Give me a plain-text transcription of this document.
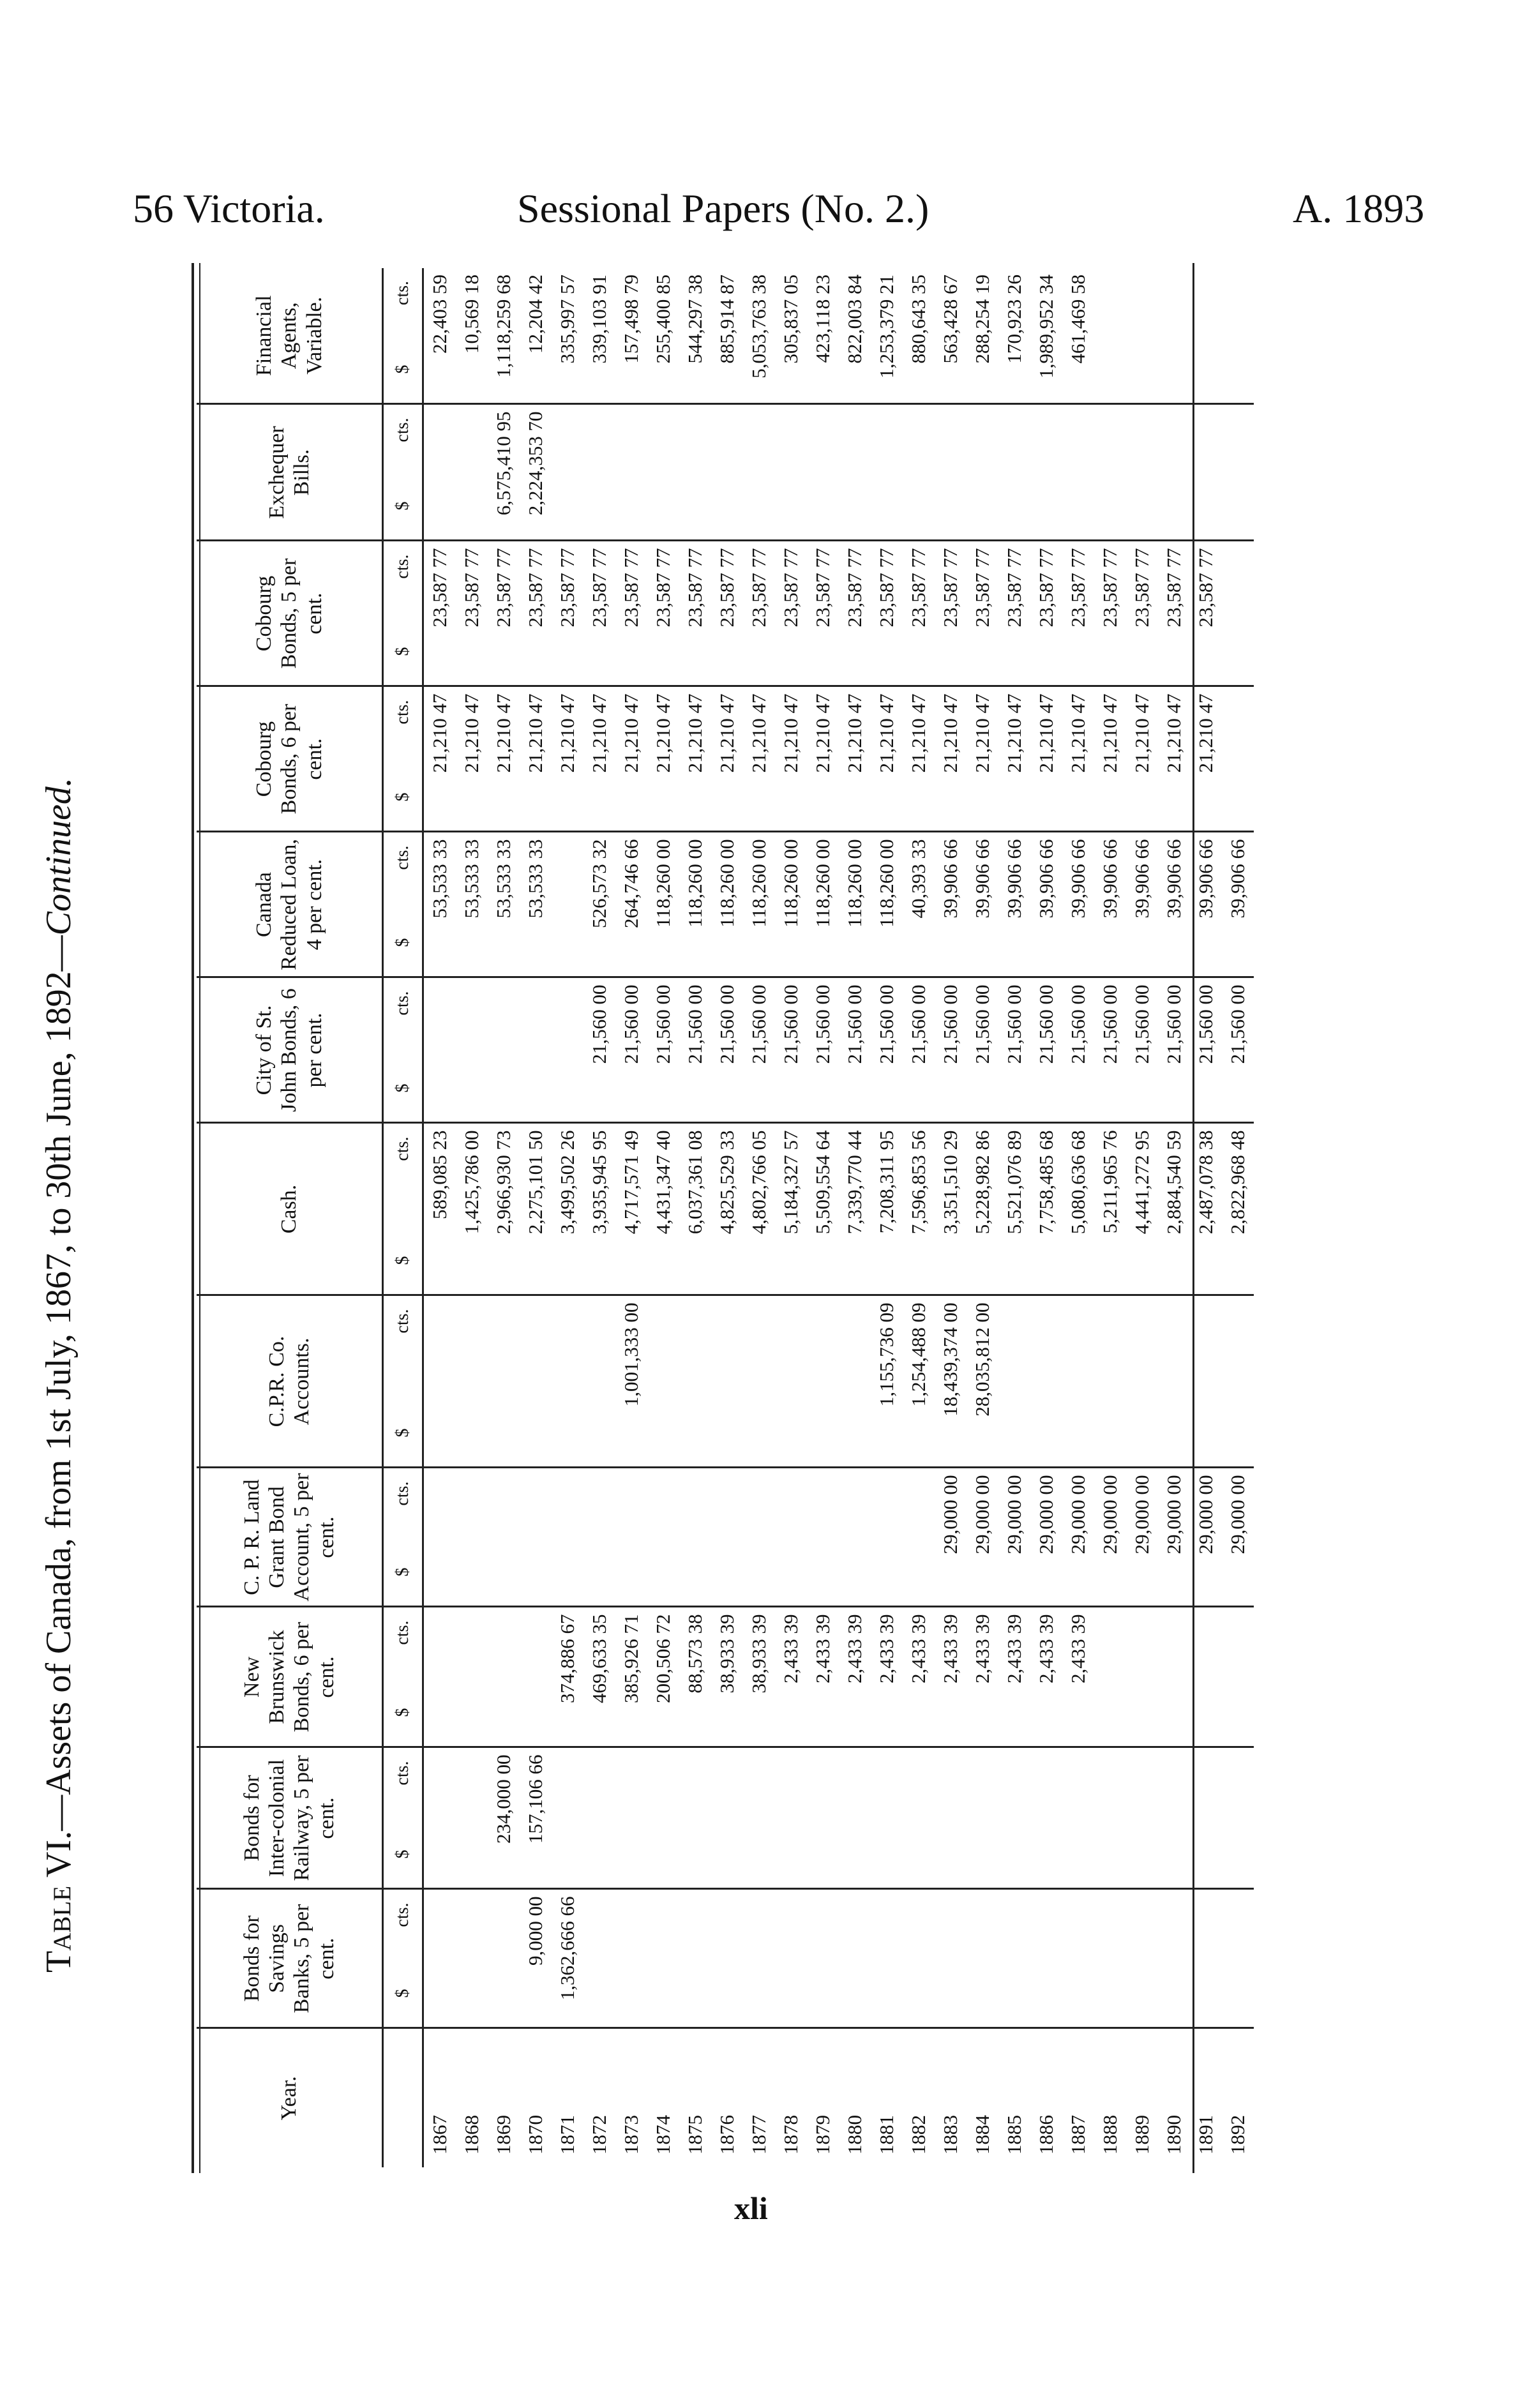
56 Victoria.	Sessional Papers (No. 2.)	A. 1893
Table VI.—Assets of Canada, from 1st July, 1867, to 30th June, 1892—Continued.
Year.	Bonds for Savings Banks, 5 per cent.	Bonds for Inter-colonial Railway, 5 per cent.	New Brunswick Bonds, 6 per cent.	C. P. R. Land Grant Bond Account, 5 per cent.	C.P.R. Co. Accounts.	Cash.	City of St. John Bonds, 6 per cent.	Canada Reduced Loan, 4 per cent.	Cobourg Bonds, 6 per cent.	Cobourg Bonds, 5 per cent.	Exchequer Bills.	Financial Agents, Variable.

	$
cts.	$
cts.	$
cts.	$
cts.	$
cts.	$
cts.	$
cts.	$
cts.	$
cts.	$
cts.	$
cts.	$
cts.

1867						589,085 23		53,533 33	21,210 47	23,587 77		22,403 59
1868						1,425,786 00		53,533 33	21,210 47	23,587 77		10,569 18
1869		234,000 00				2,966,930 73		53,533 33	21,210 47	23,587 77	6,575,410 95	1,118,259 68
1870	9,000 00	157,106 66				2,275,101 50		53,533 33	21,210 47	23,587 77	2,224,353 70	12,204 42
1871	1,362,666 66		374,886 67			3,499,502 26			21,210 47	23,587 77		335,997 57
1872			469,633 35			3,935,945 95	21,560 00	526,573 32	21,210 47	23,587 77		339,103 91
1873			385,926 71		1,001,333 00	4,717,571 49	21,560 00	264,746 66	21,210 47	23,587 77		157,498 79
1874			200,506 72			4,431,347 40	21,560 00	118,260 00	21,210 47	23,587 77		255,400 85
1875			88,573 38			6,037,361 08	21,560 00	118,260 00	21,210 47	23,587 77		544,297 38
1876			38,933 39			4,825,529 33	21,560 00	118,260 00	21,210 47	23,587 77		885,914 87
1877			38,933 39			4,802,766 05	21,560 00	118,260 00	21,210 47	23,587 77		5,053,763 38
1878			2,433 39			5,184,327 57	21,560 00	118,260 00	21,210 47	23,587 77		305,837 05
1879			2,433 39			5,509,554 64	21,560 00	118,260 00	21,210 47	23,587 77		423,118 23
1880			2,433 39			7,339,770 44	21,560 00	118,260 00	21,210 47	23,587 77		822,003 84
1881			2,433 39		1,155,736 09	7,208,311 95	21,560 00	118,260 00	21,210 47	23,587 77		1,253,379 21
1882			2,433 39		1,254,488 09	7,596,853 56	21,560 00	40,393 33	21,210 47	23,587 77		880,643 35
1883			2,433 39	29,000 00	18,439,374 00	3,351,510 29	21,560 00	39,906 66	21,210 47	23,587 77		563,428 67
1884			2,433 39	29,000 00	28,035,812 00	5,228,982 86	21,560 00	39,906 66	21,210 47	23,587 77		288,254 19
1885			2,433 39	29,000 00		5,521,076 89	21,560 00	39,906 66	21,210 47	23,587 77		170,923 26
1886			2,433 39	29,000 00		7,758,485 68	21,560 00	39,906 66	21,210 47	23,587 77		1,989,952 34
1887			2,433 39	29,000 00		5,080,636 68	21,560 00	39,906 66	21,210 47	23,587 77		461,469 58
1888				29,000 00		5,211,965 76	21,560 00	39,906 66	21,210 47	23,587 77		
1889				29,000 00		4,441,272 95	21,560 00	39,906 66	21,210 47	23,587 77		
1890				29,000 00		2,884,540 59	21,560 00	39,906 66	21,210 47	23,587 77		
1891				29,000 00		2,487,078 38	21,560 00	39,906 66	21,210 47	23,587 77		
1892				29,000 00		2,822,968 48	21,560 00	39,906 66				
xli
